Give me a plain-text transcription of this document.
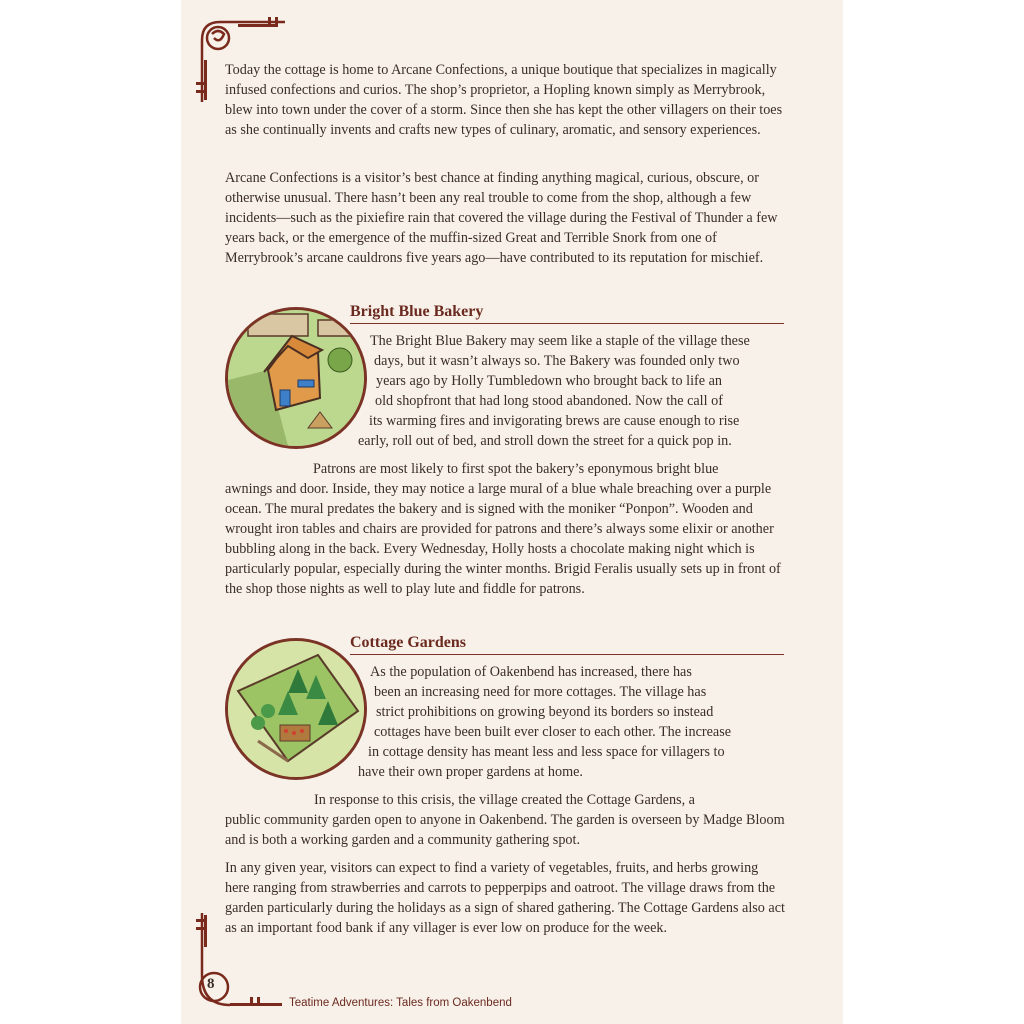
Today the cottage is home to Arcane Confections, a unique boutique that specializes in magically infused confections and curios. The shop’s proprietor, a Hopling known simply as Merrybrook, blew into town under the cover of a storm. Since then she has kept the other villagers on their toes as she continually invents and crafts new types of culinary, aromatic, and sensory experiences.

Arcane Confections is a visitor’s best chance at finding anything magical, curious, obscure, or otherwise unusual. There hasn’t been any real trouble to come from the shop, although a few incidents—such as the pixiefire rain that covered the village during the Festival of Thunder a few years back, or the emergence of the muffin-sized Great and Terrible Snork from one of Merrybrook’s arcane cauldrons five years ago—have contributed to its reputation for mischief.

Bright Blue Bakery
The Bright Blue Bakery may seem like a staple of the village these
days, but it wasn’t always so. The Bakery was founded only two
years ago by Holly Tumbledown who brought back to life an
old shopfront that had long stood abandoned. Now the call of
its warming fires and invigorating brews are cause enough to rise
early, roll out of bed, and stroll down the street for a quick pop in.
Patrons are most likely to first spot the bakery’s eponymous bright blue

awnings and door. Inside, they may notice a large mural of a blue whale breaching over a purple ocean. The mural predates the bakery and is signed with the moniker “Ponpon”. Wooden and wrought iron tables and chairs are provided for patrons and there’s always some elixir or another bubbling along in the back. Every Wednesday, Holly hosts a chocolate making night which is particularly popular, especially during the winter months. Brigid Feralis usually sets up in front of the shop those nights as well to play lute and fiddle for patrons.

Cottage Gardens
As the population of Oakenbend has increased, there has
been an increasing need for more cottages. The village has
strict prohibitions on growing beyond its borders so instead
cottages have been built ever closer to each other. The increase
in cottage density has meant less and less space for villagers to
have their own proper gardens at home.
In response to this crisis, the village created the Cottage Gardens, a

public community garden open to anyone in Oakenbend. The garden is overseen by Madge Bloom and is both a working garden and a community gathering spot.

In any given year, visitors can expect to find a variety of vegetables, fruits, and herbs growing here ranging from strawberries and carrots to pepperpips and oatroot. The village draws from the garden particularly during the holidays as a sign of shared gathering. The Cottage Gardens also act as an important food bank if any villager is ever low on produce for the week.

8
Teatime Adventures: Tales from Oakenbend
